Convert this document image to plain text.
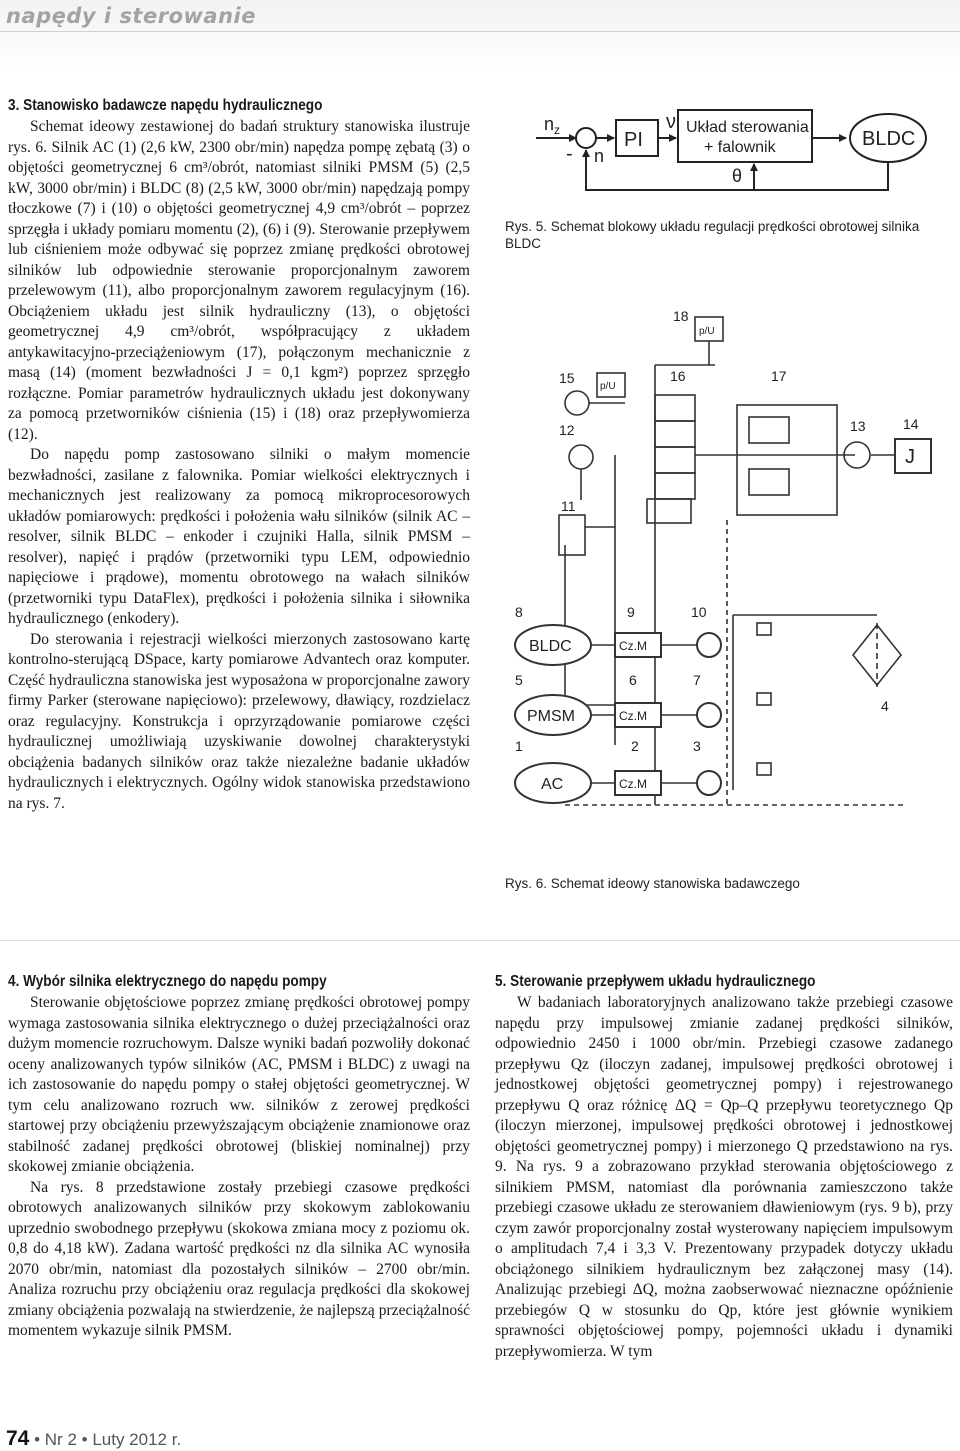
napędy i sterowanie
3. Stanowisko badawcze napędu hydraulicznego

Schemat ideowy zestawionej do badań struktury stanowiska ilustruje rys. 6. Silnik AC (1) (2,6 kW, 2300 obr/min) napędza pompę zębatą (3) o objętości geometrycznej 6 cm³/obrót, natomiast silniki PMSM (5) (2,5 kW, 3000 obr/min) i BLDC (8) (2,5 kW, 3000 obr/min) napędzają pompy tłoczkowe (7) i (10) o objętości geometrycznej 4,9 cm³/obrót – poprzez sprzęgła i układy pomiaru momentu (2), (6) i (9). Sterowanie przepływem lub ciśnieniem może odbywać się poprzez zmianę prędkości obrotowej silników lub odpowiednie sterowanie proporcjonalnym zaworem przelewowym (11), albo proporcjonalnym zaworem regulacyjnym (16). Obciążeniem układu jest silnik hydrauliczny (13), o objętości geometrycznej 4,9 cm³/obrót, współpracujący z układem antykawitacyjno-przeciążeniowym (17), połączonym mechanicznie z masą (14) (moment bezwładności J = 0,1 kgm²) poprzez sprzęgło rozłączne. Pomiar parametrów hydraulicznych układu jest dokonywany za pomocą przetworników ciśnienia (15) i (18) oraz przepływomierza (12).

Do napędu pomp zastosowano silniki o małym momencie bezwładności, zasilane z falownika. Pomiar wielkości elektrycznych i mechanicznych jest realizowany za pomocą mikroprocesorowych układów pomiarowych: prędkości i położenia wału silników (silnik AC – resolver, silnik BLDC – enkoder i czujniki Halla, silnik PMSM – resolver), napięć i prądów (przetworniki typu LEM, odpowiednio napięciowe i prądowe), momentu obrotowego na wałach silników (przetworniki typu DataFlex), prędkości i położenia silnika i siłownika hydraulicznego (enkodery).

Do sterowania i rejestracji wielkości mierzonych zastosowano kartę kontrolno-sterującą DSpace, karty pomiarowe Advantech oraz komputer. Część hydrauliczna stanowiska jest wyposażona w proporcjonalne zawory firmy Parker (sterowane napięciowo): przelewowy, dławiący, rozdzielacz oraz regulacyjny. Konstrukcja i oprzyrządowanie pomiarowe części hydraulicznej umożliwiają uzyskiwanie dowolnej charakterystyki obciążenia badanych silników oraz także niezależne badanie układów hydraulicznych i elektrycznych. Ogólny widok stanowiska przedstawiono na rys. 7.

$n_z$
- n
PI
ν Układ sterowania
+ falownik	BLDC
θ
Rys. 5. Schemat blokowy układu regulacji prędkości obrotowej silnika BLDC
J
18
p/U
15
p/U
16	17
13	14
12
11
8	9	10
5	6	7
1	2	3
4
BLDC
PMSM
AC
Cz.M
Cz.M
Cz.M
Rys. 6. Schemat ideowy stanowiska badawczego
4. Wybór silnika elektrycznego do napędu pompy

Sterowanie objętościowe poprzez zmianę prędkości obrotowej pompy wymaga zastosowania silnika elektrycznego o dużej przeciążalności oraz dużym momencie rozruchowym. Dalsze wyniki badań pozwoliły dokonać oceny analizowanych typów silników (AC, PMSM i BLDC) z uwagi na ich zastosowanie do napędu pompy o stałej objętości geometrycznej. W tym celu analizowano rozruch ww. silników z zerowej prędkości startowej przy obciążeniu przewyższającym obciążenie znamionowe oraz stabilność zadanej prędkości obrotowej (bliskiej nominalnej) przy skokowej zmianie obciążenia.

Na rys. 8 przedstawione zostały przebiegi czasowe prędkości obrotowych analizowanych silników przy skokowym zablokowaniu uprzednio swobodnego przepływu (skokowa zmiana mocy z poziomu ok. 0,8 do 4,18 kW). Zadana wartość prędkości nz dla silnika AC wynosiła 2070 obr/min, natomiast dla pozostałych silników – 2700 obr/min. Analiza rozruchu przy obciążeniu oraz regulacja prędkości dla skokowej zmiany obciążenia pozwalają na stwierdzenie, że najlepszą przeciążalność momentem wykazuje silnik PMSM.

5. Sterowanie przepływem układu hydraulicznego

W badaniach laboratoryjnych analizowano także przebiegi czasowe napędu przy impulsowej zmianie zadanej prędkości silników, odpowiednio 2450 i 1000 obr/min. Przebiegi czasowe zadanego przepływu Qz (iloczyn zadanej, impulsowej prędkości obrotowej i jednostkowej objętości geometrycznej pompy) i rejestrowanego przepływu Q oraz różnicę ΔQ = Qp–Q przepływu teoretycznego Qp (iloczyn mierzonej, impulsowej prędkości obrotowej i jednostkowej objętości geometrycznej pompy) i mierzonego Q przedstawiono na rys. 9. Na rys. 9 a zobrazowano przykład sterowania objętościowego z silnikiem PMSM, natomiast dla porównania zamieszczono także przebiegi czasowe układu ze sterowaniem dławieniowym (rys. 9 b), przy czym zawór proporcjonalny został wysterowany napięciem impulsowym o amplitudach 7,4 i 3,3 V. Prezentowany przypadek dotyczy układu obciążonego silnikiem hydraulicznym bez załączonej masy (14). Analizując przebiegi ΔQ, można zaobserwować nieznaczne opóźnienie przebiegów Q w stosunku do Qp, które jest głównie wynikiem sprawności objętościowej pompy, pojemności układu i dynamiki przepływomierza. W tym

74 • Nr 2 • Luty 2012 r.
